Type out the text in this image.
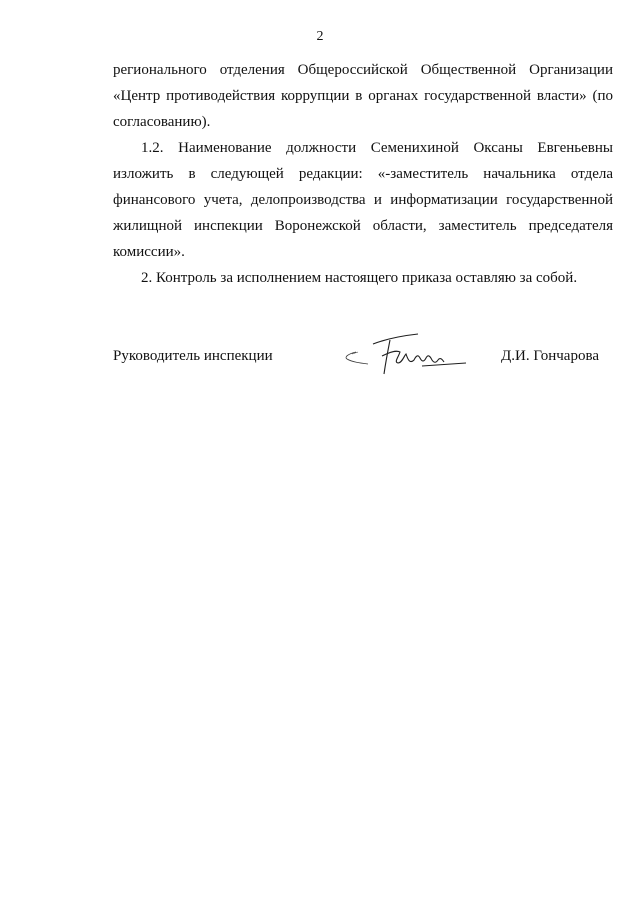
2
регионального отделения Общероссийской Общественной Организации
«Центр противодействия коррупции в органах государственной власти» (по
согласованию).
1.2. Наименование должности Семенихиной Оксаны Евгеньевны
изложить в следующей редакции: «-заместитель начальника отдела
финансового учета, делопроизводства и информатизации государственной
жилищной инспекции Воронежской области, заместитель председателя
комиссии».
2. Контроль за исполнением настоящего приказа оставляю за собой.
Руководитель инспекции	Д.И. Гончарова
